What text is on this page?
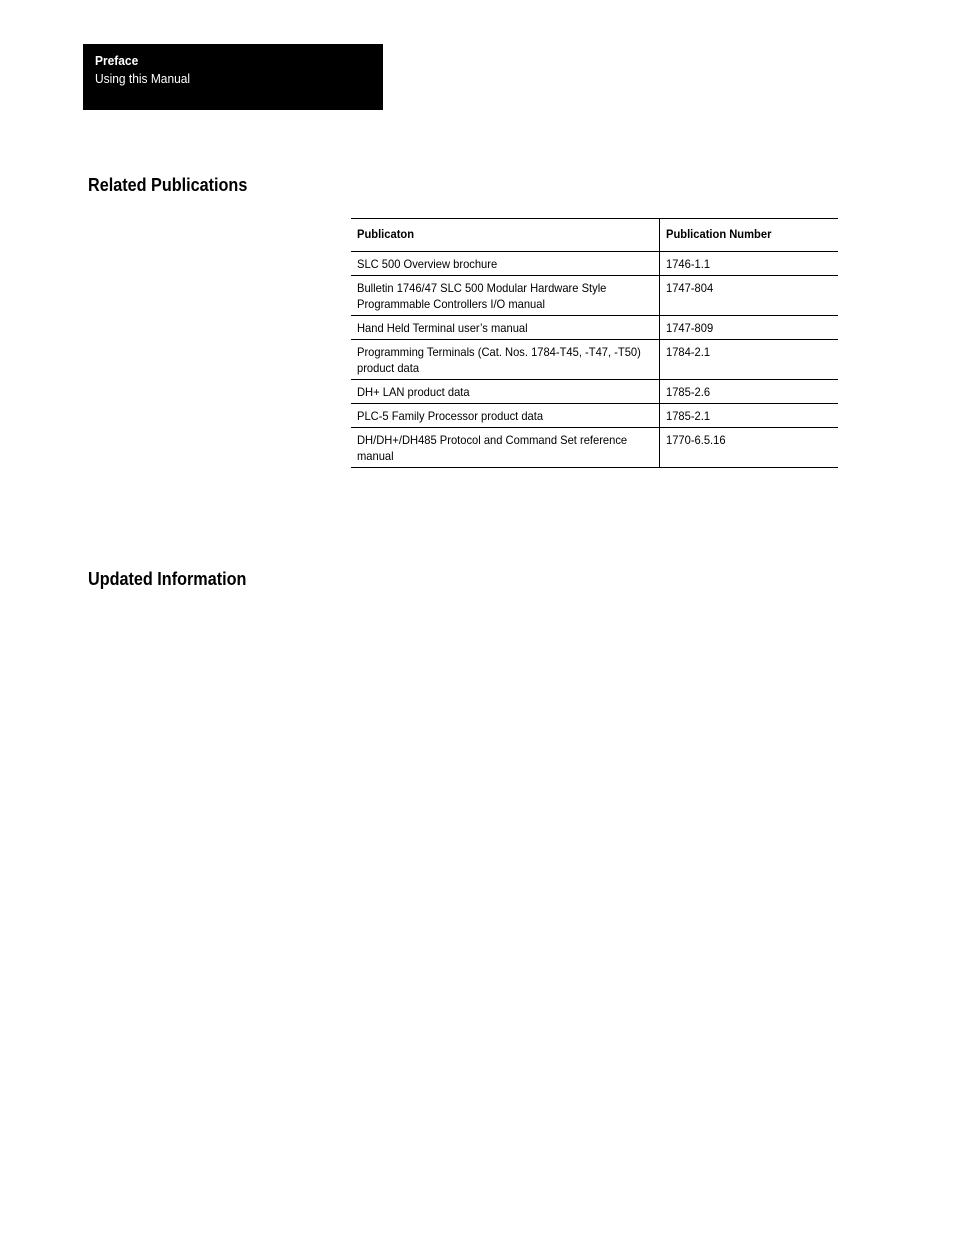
Preface
Using this Manual
Related Publications
Publicaton	Publication Number

SLC 500 Overview brochure	1746-1.1

Bulletin 1746/47 SLC 500 Modular Hardware Style Programmable Controllers I/O manual	1747-804

Hand Held Terminal user’s manual	1747-809

Programming Terminals (Cat. Nos. 1784-T45, -T47, -T50) product data	1784-2.1

DH+ LAN product data	1785-2.6

PLC-5 Family Processor product data	1785-2.1

DH/DH+/DH485 Protocol and Command Set reference manual	1770-6.5.16
Updated Information
